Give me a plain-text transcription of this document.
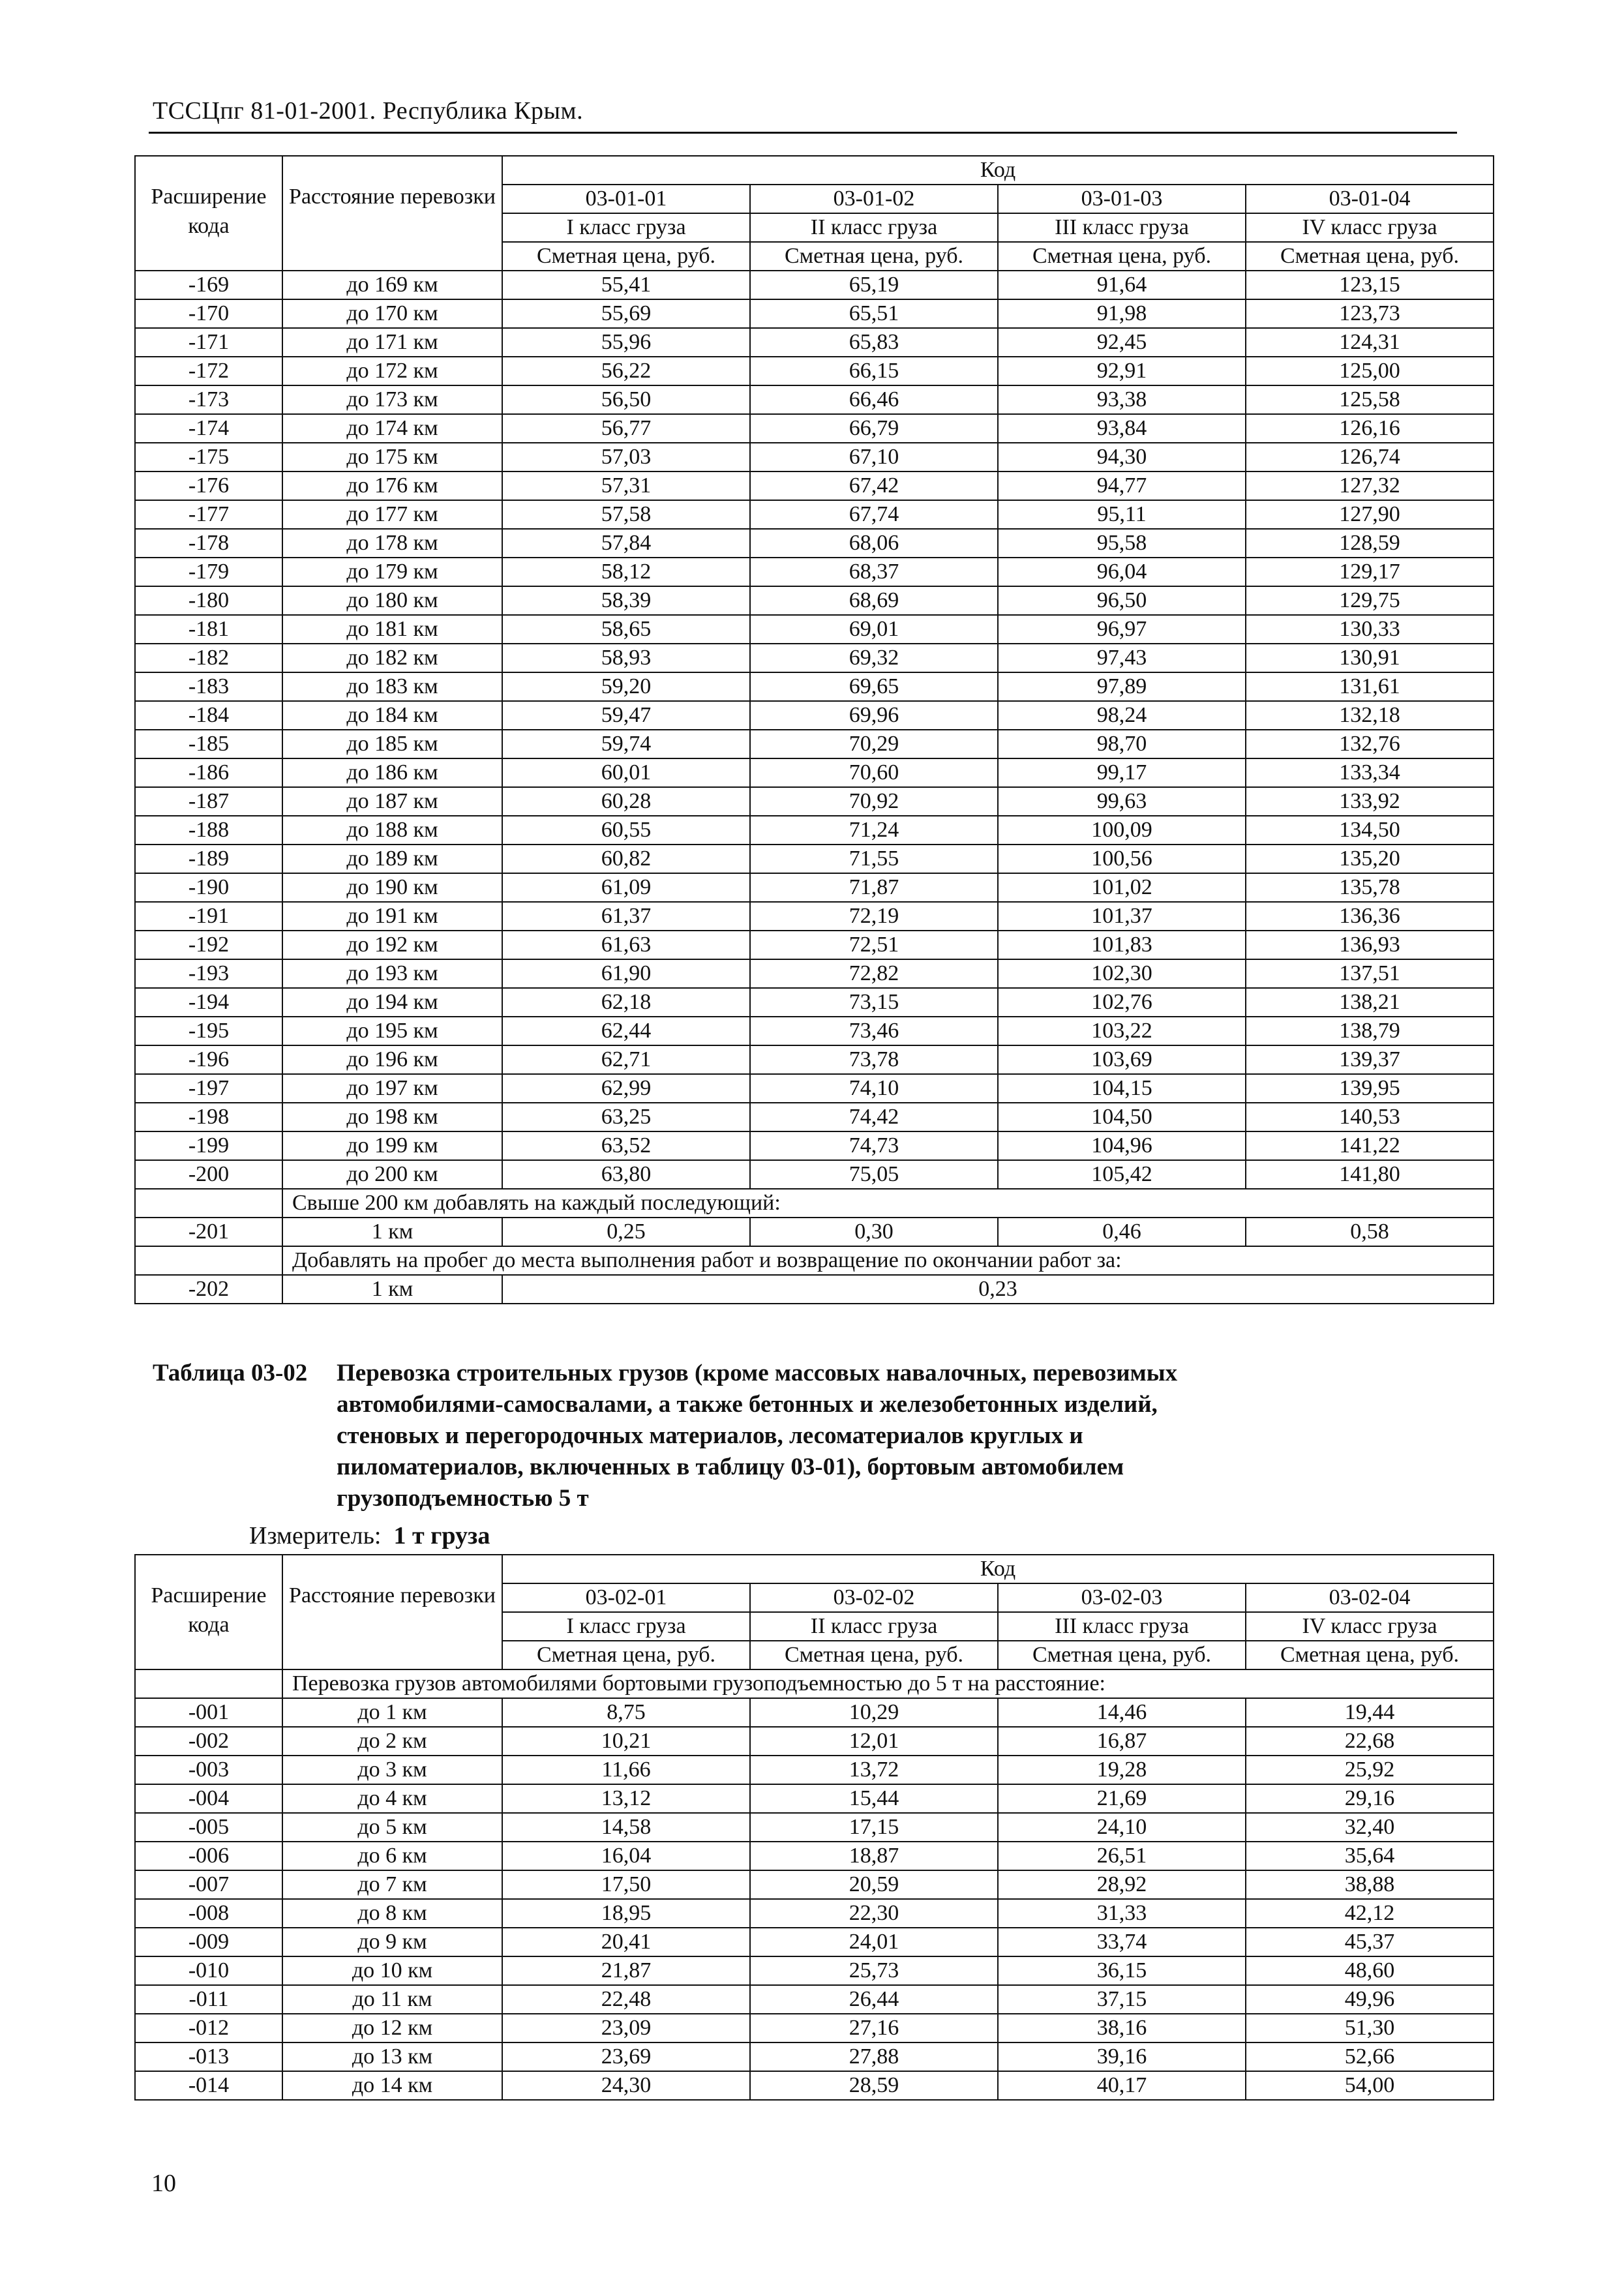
ТССЦпг 81-01-2001. Республика Крым.
Расширение кода	Расстояние перевозки	Код			
		03-01-01	03-01-02	03-01-03	03-01-04
		I класс груза	II класс груза	III класс груза	IV класс груза
		Сметная цена, руб.	Сметная цена, руб.	Сметная цена, руб.	Сметная цена, руб.
-169	до 169 км	55,41	65,19	91,64	123,15
-170	до 170 км	55,69	65,51	91,98	123,73
-171	до 171 км	55,96	65,83	92,45	124,31
-172	до 172 км	56,22	66,15	92,91	125,00
-173	до 173 км	56,50	66,46	93,38	125,58
-174	до 174 км	56,77	66,79	93,84	126,16
-175	до 175 км	57,03	67,10	94,30	126,74
-176	до 176 км	57,31	67,42	94,77	127,32
-177	до 177 км	57,58	67,74	95,11	127,90
-178	до 178 км	57,84	68,06	95,58	128,59
-179	до 179 км	58,12	68,37	96,04	129,17
-180	до 180 км	58,39	68,69	96,50	129,75
-181	до 181 км	58,65	69,01	96,97	130,33
-182	до 182 км	58,93	69,32	97,43	130,91
-183	до 183 км	59,20	69,65	97,89	131,61
-184	до 184 км	59,47	69,96	98,24	132,18
-185	до 185 км	59,74	70,29	98,70	132,76
-186	до 186 км	60,01	70,60	99,17	133,34
-187	до 187 км	60,28	70,92	99,63	133,92
-188	до 188 км	60,55	71,24	100,09	134,50
-189	до 189 км	60,82	71,55	100,56	135,20
-190	до 190 км	61,09	71,87	101,02	135,78
-191	до 191 км	61,37	72,19	101,37	136,36
-192	до 192 км	61,63	72,51	101,83	136,93
-193	до 193 км	61,90	72,82	102,30	137,51
-194	до 194 км	62,18	73,15	102,76	138,21
-195	до 195 км	62,44	73,46	103,22	138,79
-196	до 196 км	62,71	73,78	103,69	139,37
-197	до 197 км	62,99	74,10	104,15	139,95
-198	до 198 км	63,25	74,42	104,50	140,53
-199	до 199 км	63,52	74,73	104,96	141,22
-200	до 200 км	63,80	75,05	105,42	141,80
	Свыше 200 км добавлять на каждый последующий:				
-201	1 км	0,25	0,30	0,46	0,58
	Добавлять на пробег до места выполнения работ и возвращение по окончании работ за:				
-202	1 км	0,23			
Таблица 03-02 Перевозка строительных грузов (кроме массовых навалочных, перевозимых
автомобилями-самосвалами, а также бетонных и железобетонных изделий,
стеновых и перегородочных материалов, лесоматериалов круглых и
пиломатериалов, включенных в таблицу 03-01), бортовым автомобилем
грузоподъемностью 5 т
Измеритель: 1 т груза
Расширение кода	Расстояние перевозки	Код			
		03-02-01	03-02-02	03-02-03	03-02-04
		I класс груза	II класс груза	III класс груза	IV класс груза
		Сметная цена, руб.	Сметная цена, руб.	Сметная цена, руб.	Сметная цена, руб.
	Перевозка грузов автомобилями бортовыми грузоподъемностью до 5 т на расстояние:				
-001	до 1 км	8,75	10,29	14,46	19,44
-002	до 2 км	10,21	12,01	16,87	22,68
-003	до 3 км	11,66	13,72	19,28	25,92
-004	до 4 км	13,12	15,44	21,69	29,16
-005	до 5 км	14,58	17,15	24,10	32,40
-006	до 6 км	16,04	18,87	26,51	35,64
-007	до 7 км	17,50	20,59	28,92	38,88
-008	до 8 км	18,95	22,30	31,33	42,12
-009	до 9 км	20,41	24,01	33,74	45,37
-010	до 10 км	21,87	25,73	36,15	48,60
-011	до 11 км	22,48	26,44	37,15	49,96
-012	до 12 км	23,09	27,16	38,16	51,30
-013	до 13 км	23,69	27,88	39,16	52,66
-014	до 14 км	24,30	28,59	40,17	54,00
10
